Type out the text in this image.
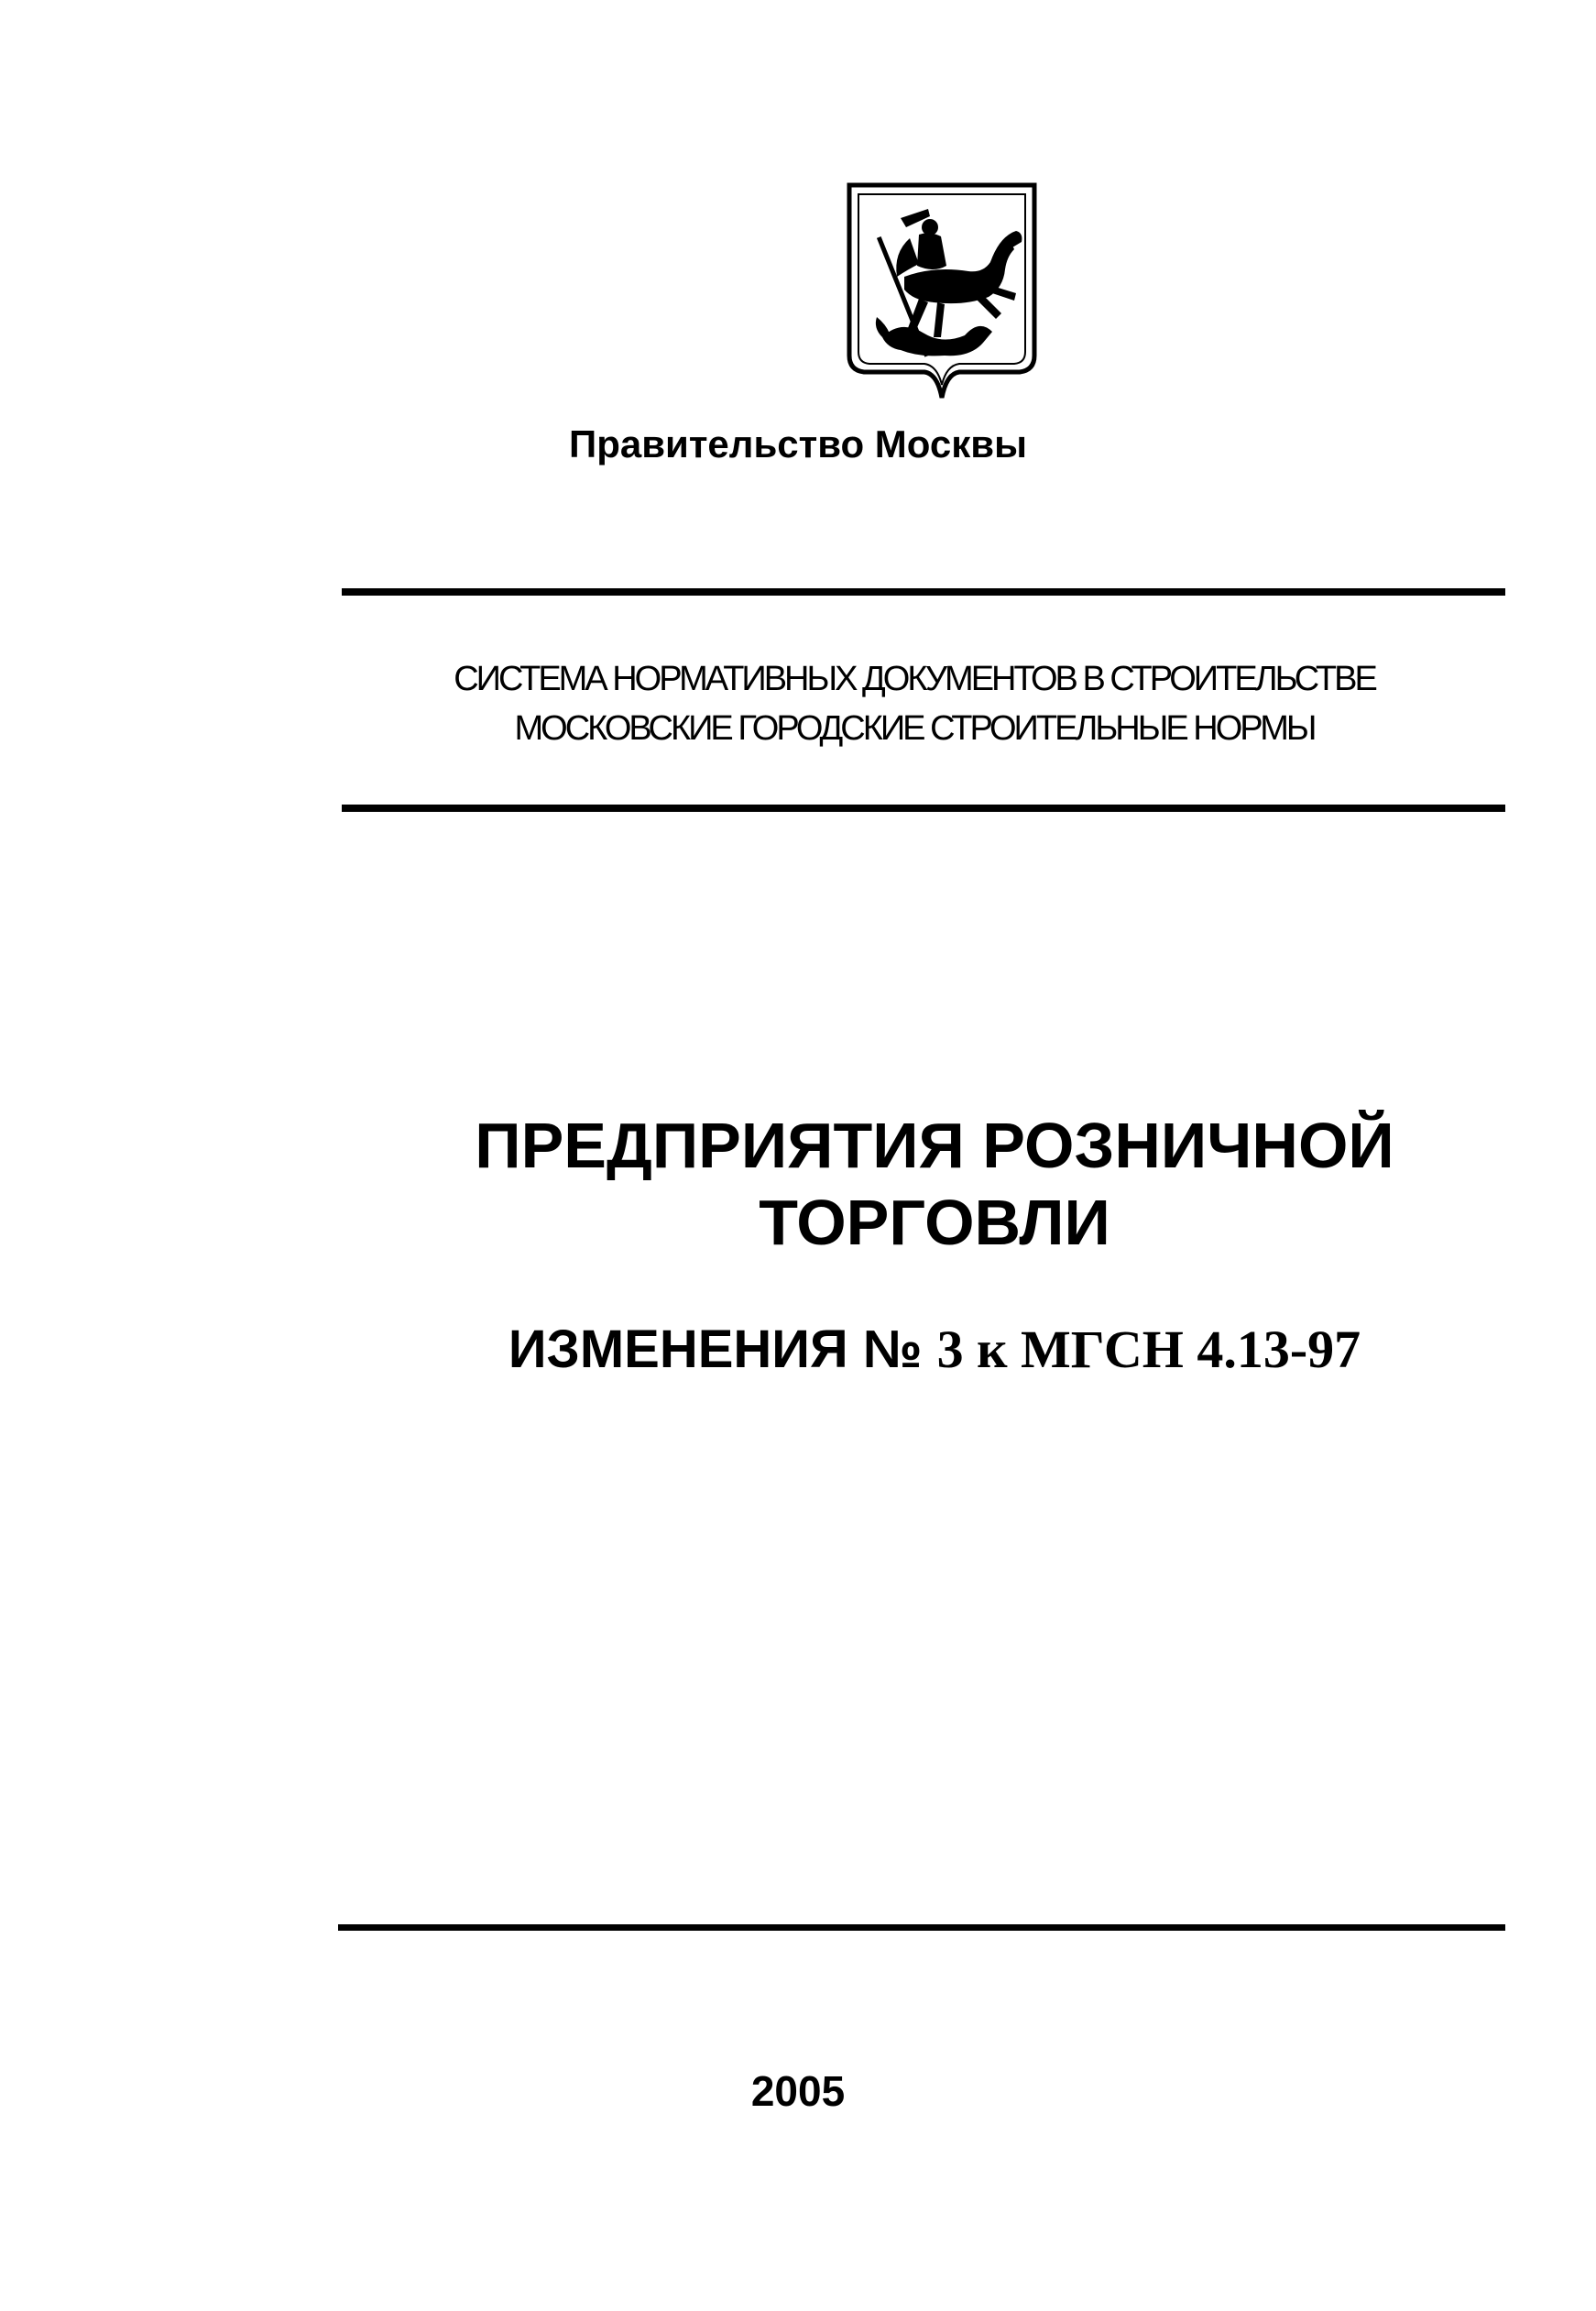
Правительство Москвы
СИСТЕМА НОРМАТИВНЫХ ДОКУМЕНТОВ В СТРОИТЕЛЬСТВЕ
МОСКОВСКИЕ ГОРОДСКИЕ СТРОИТЕЛЬНЫЕ НОРМЫ
ПРЕДПРИЯТИЯ РОЗНИЧНОЙ
ТОРГОВЛИ
ИЗМЕНЕНИЯ № 3 к МГСН 4.13-97
2005
